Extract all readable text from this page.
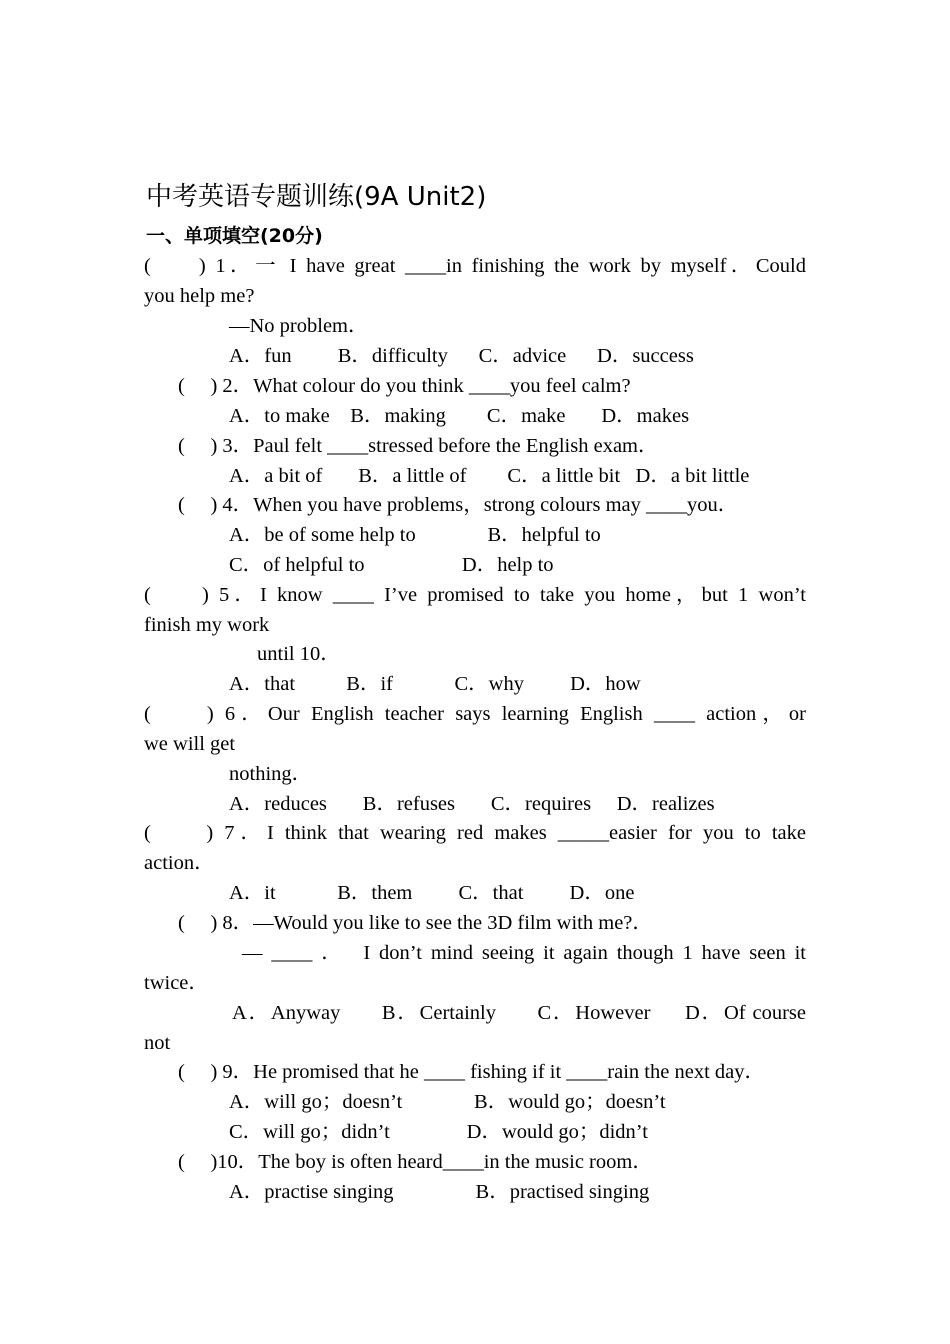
中考英语专题训练(9A Unit2)
一、单项填空(20分)
(     ) 1．一 I have great ____in finishing the work by myself．Could
you help me?
—No problem．
A．fun         B．difficulty      C．advice      D．success
(     ) 2．What colour do you think ____you feel calm?
A．to make    B．making        C．make       D．makes
(     ) 3．Paul felt ____stressed before the English exam．
A．a bit of       B．a little of        C．a little bit   D．a bit little
(     ) 4．When you have problems，strong colours may ____you．
A．be of some help to              B．helpful to
C．of helpful to                   D．help to
(     ) 5．I know ____ I’ve promised to take you home，but 1 won’t
finish my work
until 10．
A．that          B．if            C．why         D．how
(     ) 6．Our English teacher says learning English ____ action，or
we will get
nothing．
A．reduces       B．refuses       C．requires     D．realizes
(     ) 7．I think that wearing red makes _____easier for you to take
action．
A．it            B．them         C．that         D．one
(     ) 8．—Would you like to see the 3D film with me?．
— ____ ．  I don’t mind seeing it again though 1 have seen it
twice．
A．Anyway      B．Certainly      C．However     D．Of course
not
(     ) 9．He promised that he ____ fishing if it ____rain the next day．
A．will go；doesn’t              B．would go；doesn’t
C．will go；didn’t               D．would go；didn’t
(     )10．The boy is often heard____in the music room．
A．practise singing                B．practised singing
